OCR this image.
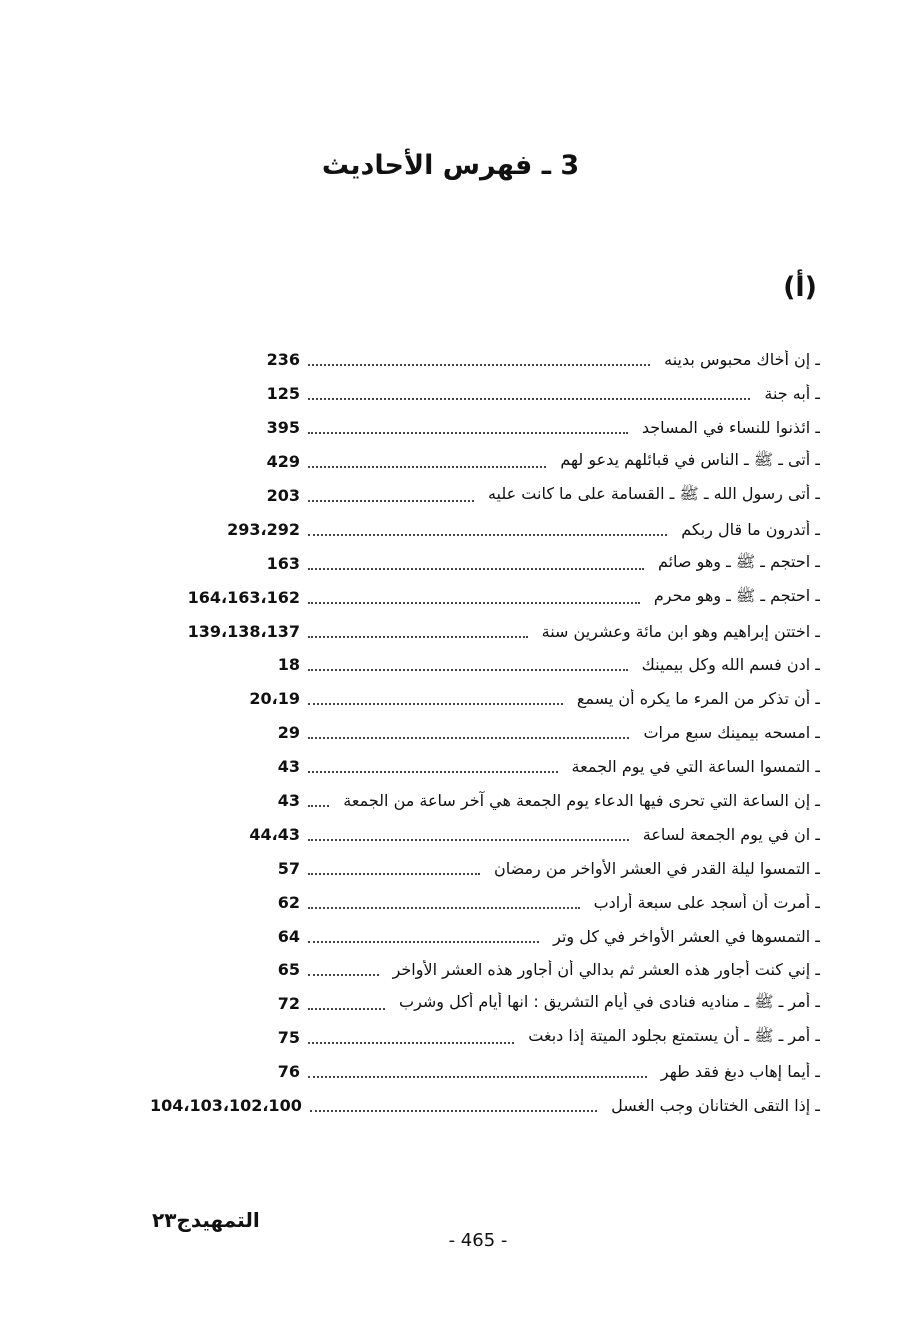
3 ـ فهرس الأحاديث
(أ)
ـ إن أخاك محبوس بدينه
236
ـ أبه جنة
125
ـ ائذنوا للنساء في المساجد
395
ـ أتى ـ ﷺ ـ الناس في قبائلهم يدعو لهم
429
ـ أتى رسول الله ـ ﷺ ـ القسامة على ما كانت عليه
203
ـ أتدرون ما قال ربكم
293،292
ـ احتجم ـ ﷺ ـ وهو صائم
163
ـ احتجم ـ ﷺ ـ وهو محرم
164،163،162
ـ اختتن إبراهيم وهو ابن مائة وعشرين سنة
139،138،137
ـ ادن فسم الله وكل بيمينك
18
ـ أن تذكر من المرء ما يكره أن يسمع
20،19
ـ امسحه بيمينك سبع مرات
29
ـ التمسوا الساعة التي في يوم الجمعة
43
ـ إن الساعة التي تحرى فيها الدعاء يوم الجمعة هي آخر ساعة من الجمعة
43
ـ ان في يوم الجمعة لساعة
44،43
ـ التمسوا ليلة القدر في العشر الأواخر من رمضان
57
ـ أمرت أن أسجد على سبعة أرادب
62
ـ التمسوها في العشر الأواخر في كل وتر
64
ـ إني كنت أجاور هذه العشر ثم بدالي أن أجاور هذه العشر الأواخر
65
ـ أمر ـ ﷺ ـ مناديه فنادى في أيام التشريق : انها أيام أكل وشرب
72
ـ أمر ـ ﷺ ـ أن يستمتع بجلود الميتة إذا دبغت
75
ـ أيما إهاب دبغ فقد طهر
76
ـ إذا التقى الختانان وجب الغسل
104،103،102،100
التمهيدج٢٣
- 465 -
